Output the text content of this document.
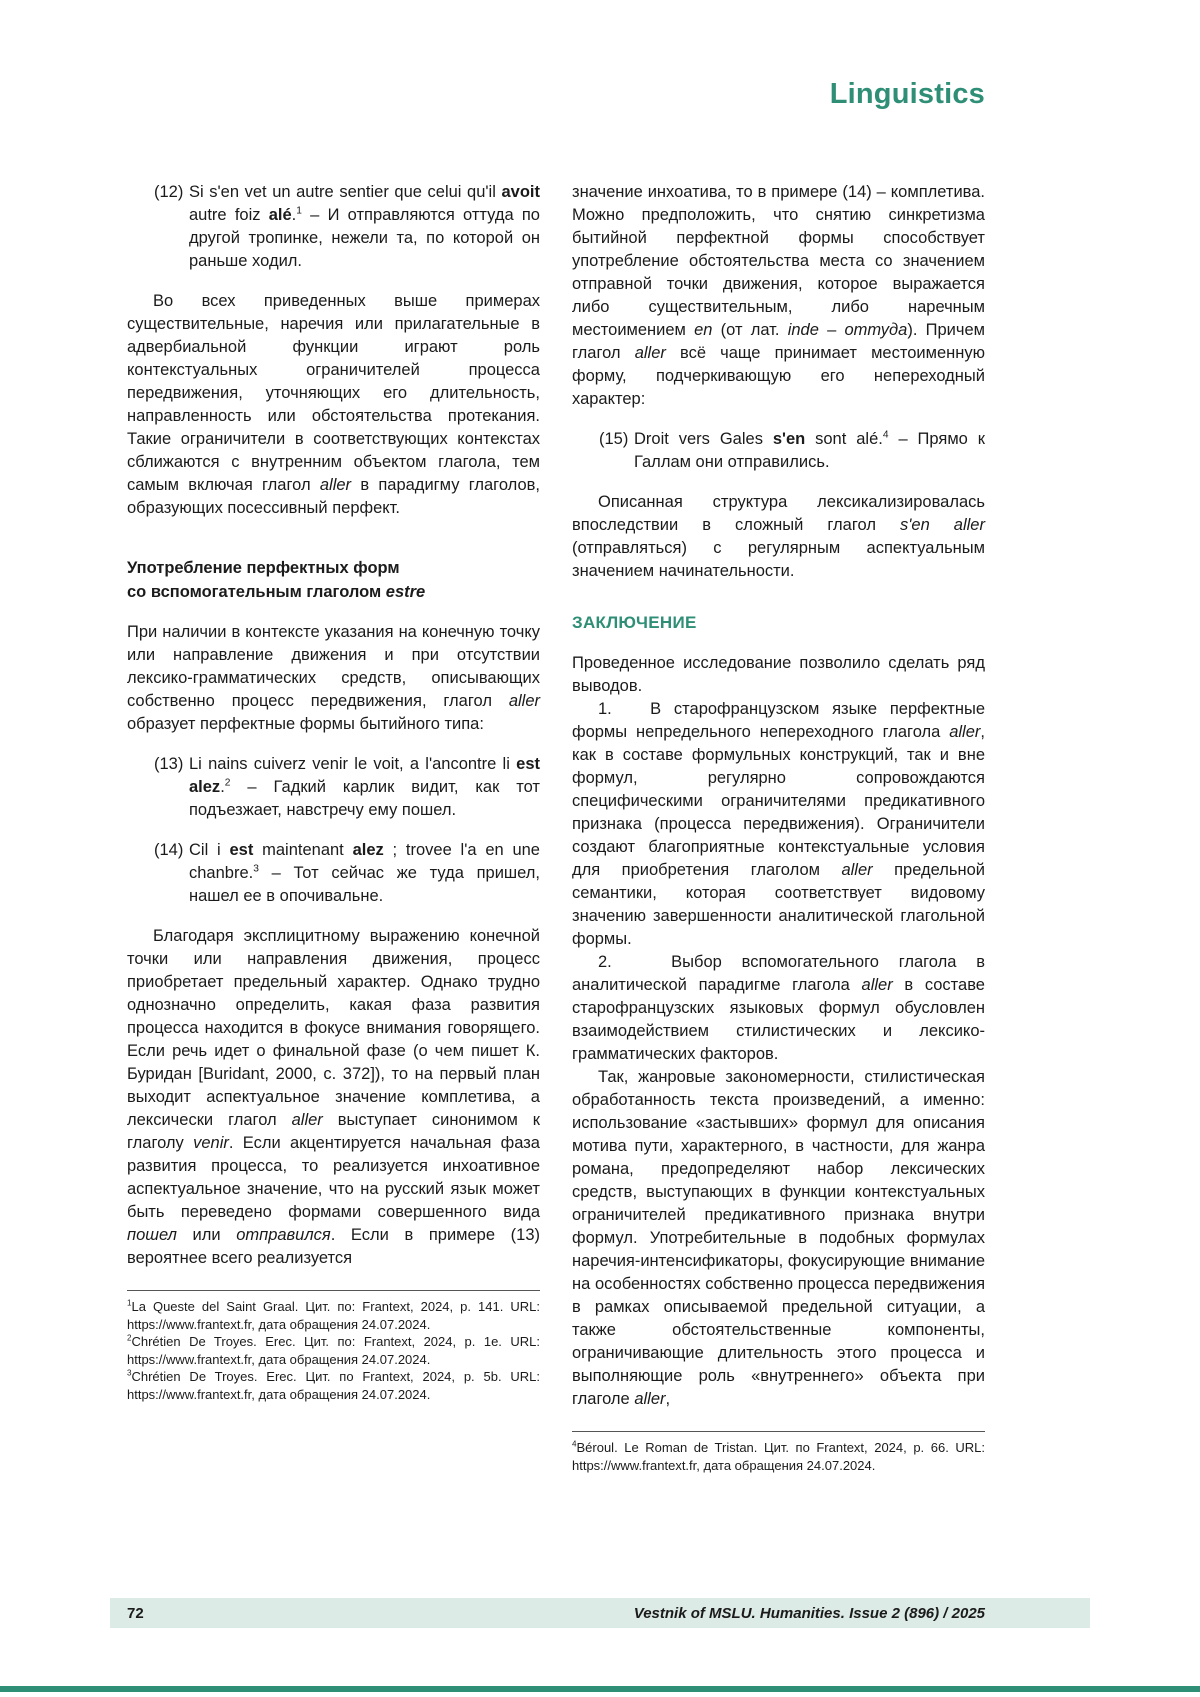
Linguistics
(12) Si s'en vet un autre sentier que celui qu'il avoit autre foiz alé.$^1$ – И отправляются оттуда по другой тропинке, нежели та, по которой он раньше ходил.

Во всех приведенных выше примерах существительные, наречия или прилагательные в адвербиальной функции играют роль контекстуальных ограничителей процесса передвижения, уточняющих его длительность, направленность или обстоятельства протекания. Такие ограничители в соответствующих контекстах сближаются с внутренним объектом глагола, тем самым включая глагол aller в парадигму глаголов, образующих посессивный перфект.

Употребление перфектных форм
со вспомогательным глаголом estre

При наличии в контексте указания на конечную точку или направление движения и при отсутствии лексико-грамматических средств, описывающих собственно процесс передвижения, глагол aller образует перфектные формы бытийного типа:

(13) Li nains cuiverz venir le voit, a l'ancontre li est alez.$^2$ – Гадкий карлик видит, как тот подъезжает, навстречу ему пошел.
(14) Cil i est maintenant alez ; trovee l'a en une chanbre.$^3$ – Тот сейчас же туда пришел, нашел ее в опочивальне.

Благодаря эксплицитному выражению конечной точки или направления движения, процесс приобретает предельный характер. Однако трудно однозначно определить, какая фаза развития процесса находится в фокусе внимания говорящего. Если речь идет о финальной фазе (о чем пишет К. Буридан [Buridant, 2000, с. 372]), то на первый план выходит аспектуальное значение комплетива, а лексически глагол aller выступает синонимом к глаголу venir. Если акцентируется начальная фаза развития процесса, то реализуется инхоативное аспектуальное значение, что на русский язык может быть переведено формами совершенного вида пошел или отправился. Если в примере (13) вероятнее всего реализуется

$^1$La Queste del Saint Graal. Цит. по: Frantext, 2024, p. 141. URL: https://www.frantext.fr, дата обращения 24.07.2024.

$^2$Chrétien De Troyes. Erec. Цит. по: Frantext, 2024, p. 1e. URL: https://www.frantext.fr, дата обращения 24.07.2024.

$^3$Chrétien De Troyes. Erec. Цит. по Frantext, 2024, p. 5b. URL: https://www.frantext.fr, дата обращения 24.07.2024.

значение инхоатива, то в примере (14) – комплетива. Можно предположить, что снятию синкретизма бытийной перфектной формы способствует употребление обстоятельства места со значением отправной точки движения, которое выражается либо существительным, либо наречным местоимением en (от лат. inde – оттуда). Причем глагол aller всё чаще принимает местоименную форму, подчеркивающую его непереходный характер:

(15) Droit vers Gales s'en sont alé.$^4$ – Прямо к Галлам они отправились.

Описанная структура лексикализировалась впоследствии в сложный глагол s'en aller (отправляться) с регулярным аспектуальным значением начинательности.

ЗАКЛЮЧЕНИЕ

Проведенное исследование позволило сделать ряд выводов.

1.   В старофранцузском языке перфектные формы непредельного непереходного глагола aller, как в составе формульных конструкций, так и вне формул, регулярно сопровождаются специфическими ограничителями предикативного признака (процесса передвижения). Ограничители создают благоприятные контекстуальные условия для приобретения глаголом aller предельной семантики, которая соответствует видовому значению завершенности аналитической глагольной формы.

2.   Выбор вспомогательного глагола в аналитической парадигме глагола aller в составе старофранцузских языковых формул обусловлен взаимодействием стилистических и лексико-грамматических факторов.

Так, жанровые закономерности, стилистическая обработанность текста произведений, а именно: использование «застывших» формул для описания мотива пути, характерного, в частности, для жанра романа, предопределяют набор лексических средств, выступающих в функции контекстуальных ограничителей предикативного признака внутри формул. Употребительные в подобных формулах наречия-интенсификаторы, фокусирующие внимание на особенностях собственно процесса передвижения в рамках описываемой предельной ситуации, а также обстоятельственные компоненты, ограничивающие длительность этого процесса и выполняющие роль «внутреннего» объекта при глаголе aller,

$^4$Béroul. Le Roman de Tristan. Цит. по Frantext, 2024, p. 66. URL: https://www.frantext.fr, дата обращения 24.07.2024.

72	Vestnik of MSLU. Humanities. Issue 2 (896) / 2025
